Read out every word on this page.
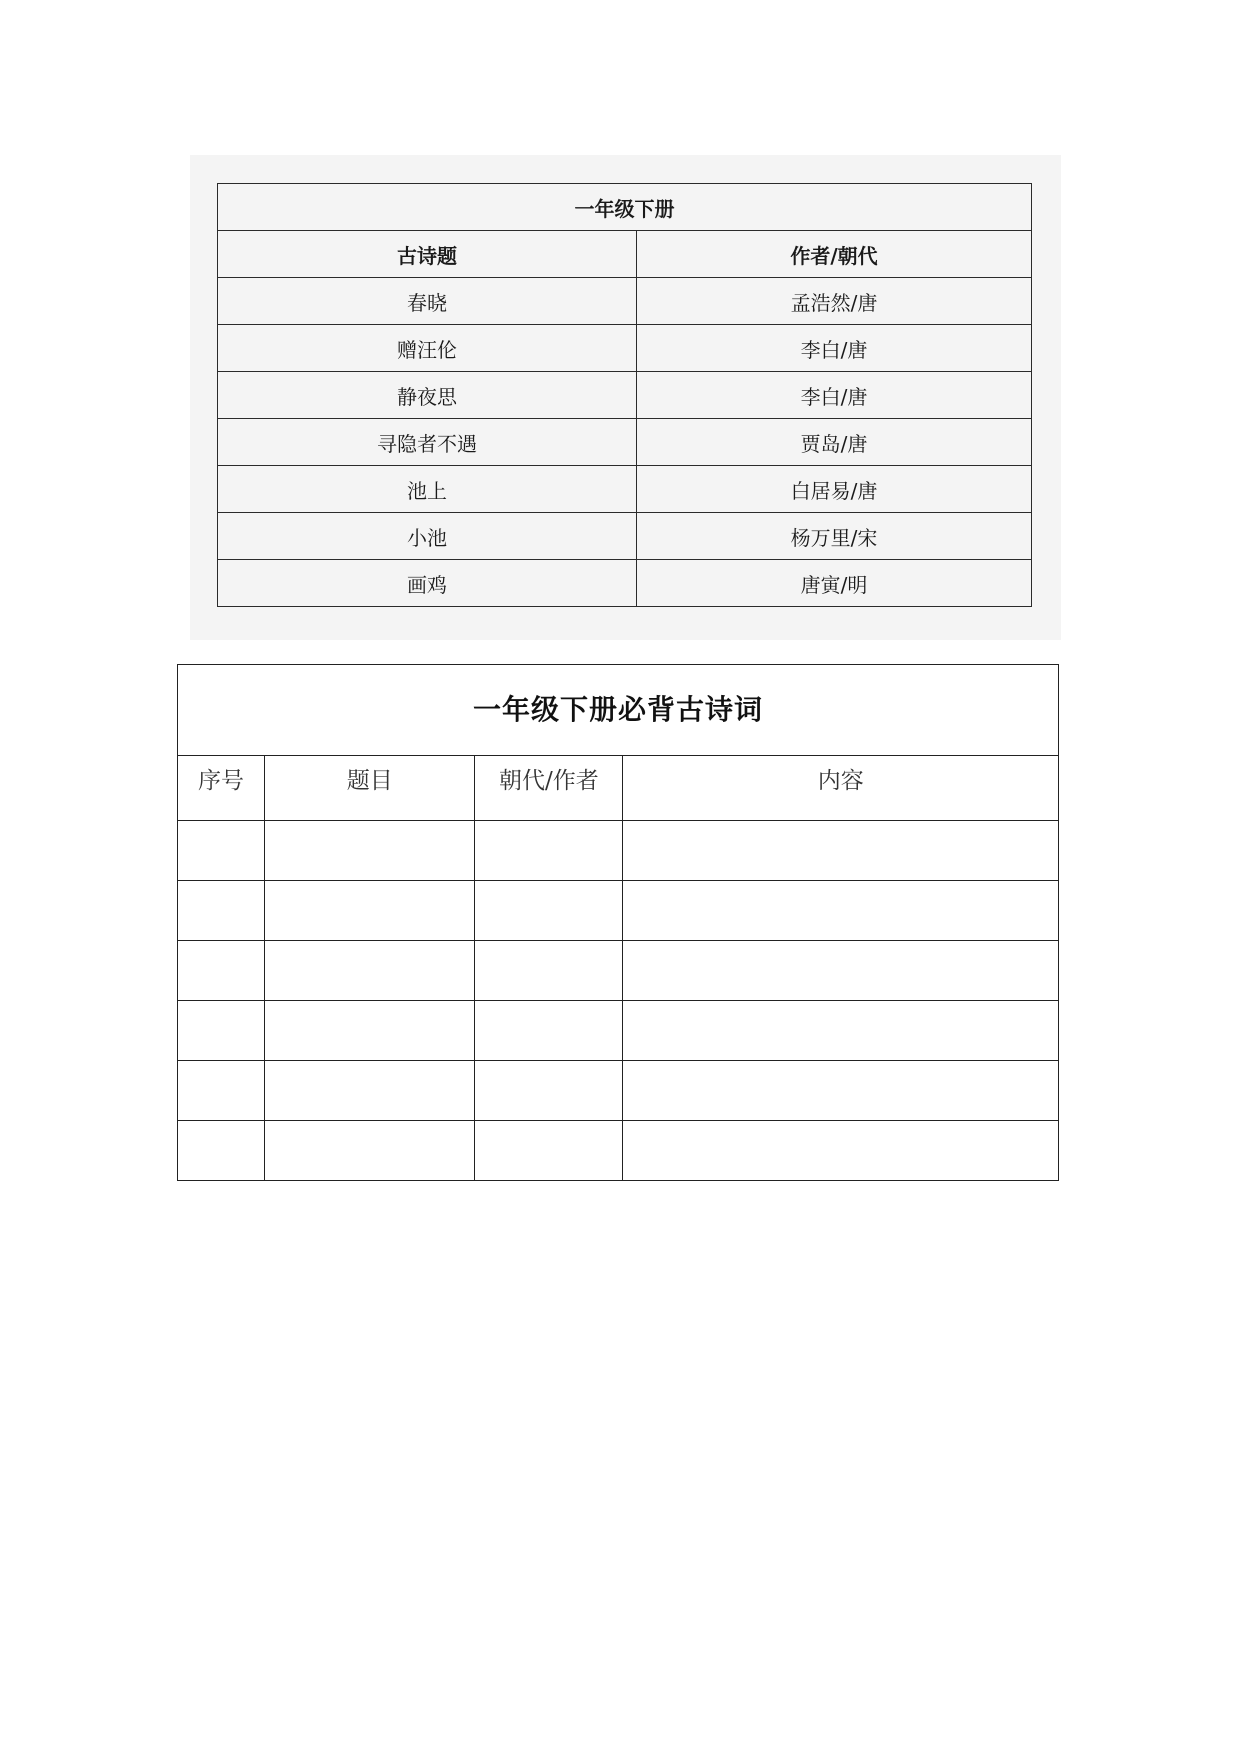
一年级下册	
古诗题	作者/朝代
春晓	孟浩然/唐
赠汪伦	李白/唐
静夜思	李白/唐
寻隐者不遇	贾岛/唐
池上	白居易/唐
小池	杨万里/宋
画鸡	唐寅/明
一年级下册必背古诗词			
序号	题目	朝代/作者	内容
